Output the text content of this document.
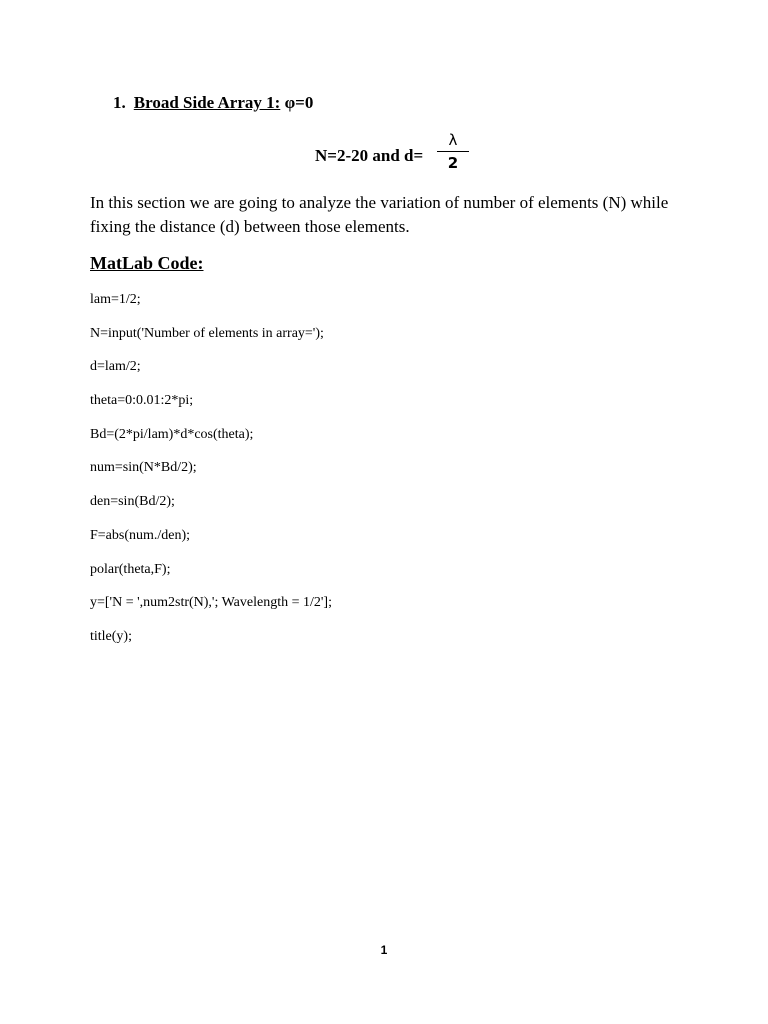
1. Broad Side Array 1: φ=0
N=2-20 and d=
λ
2
In this section we are going to analyze the variation of number of elements (N) while fixing the distance (d) between those elements.
MatLab Code:
lam=1/2;
N=input('Number of elements in array=');
d=lam/2;
theta=0:0.01:2*pi;
Bd=(2*pi/lam)*d*cos(theta);
num=sin(N*Bd/2);
den=sin(Bd/2);
F=abs(num./den);
polar(theta,F);
y=['N = ',num2str(N),'; Wavelength = 1/2'];
title(y);
1
